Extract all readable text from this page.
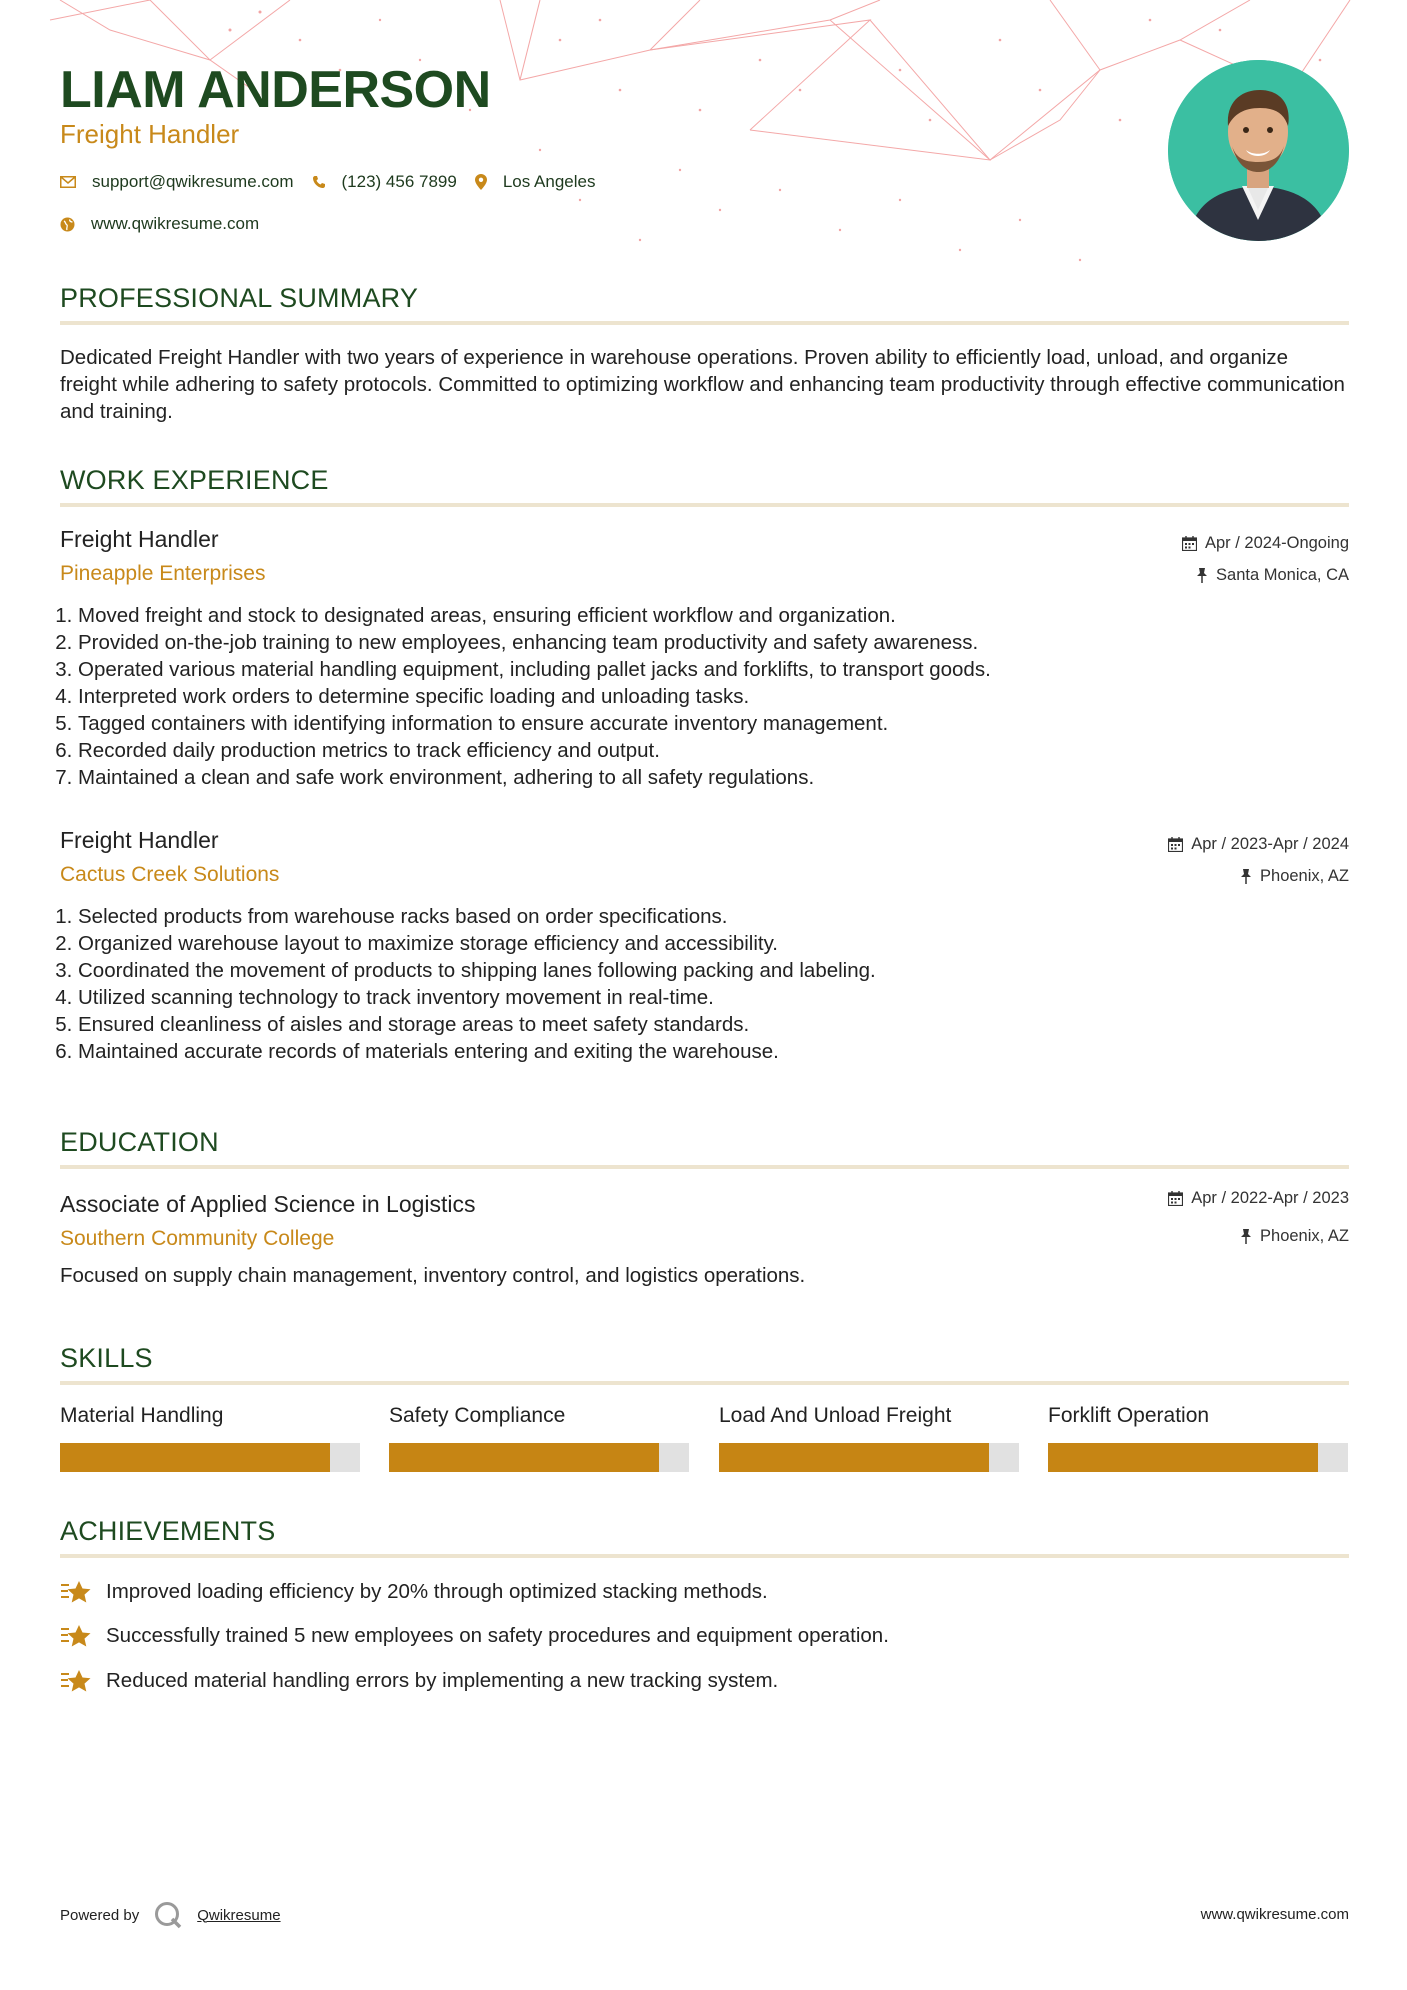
LIAM ANDERSON
Freight Handler
support@qwikresume.com	(123) 456 7899	Los Angeles
www.qwikresume.com
PROFESSIONAL SUMMARY

Dedicated Freight Handler with two years of experience in warehouse operations. Proven ability to efficiently load, unload, and organize freight while adhering to safety protocols. Committed to optimizing workflow and enhancing team productivity through effective communication and training.

WORK EXPERIENCE
Freight Handler
Pineapple Enterprises
Apr / 2024-Ongoing
Santa Monica, CA
1. Moved freight and stock to designated areas, ensuring efficient workflow and organization.
2. Provided on-the-job training to new employees, enhancing team productivity and safety awareness.
3. Operated various material handling equipment, including pallet jacks and forklifts, to transport goods.
4. Interpreted work orders to determine specific loading and unloading tasks.
5. Tagged containers with identifying information to ensure accurate inventory management.
6. Recorded daily production metrics to track efficiency and output.
7. Maintained a clean and safe work environment, adhering to all safety regulations.
Freight Handler
Cactus Creek Solutions
Apr / 2023-Apr / 2024
Phoenix, AZ
1. Selected products from warehouse racks based on order specifications.
2. Organized warehouse layout to maximize storage efficiency and accessibility.
3. Coordinated the movement of products to shipping lanes following packing and labeling.
4. Utilized scanning technology to track inventory movement in real-time.
5. Ensured cleanliness of aisles and storage areas to meet safety standards.
6. Maintained accurate records of materials entering and exiting the warehouse.
EDUCATION
Associate of Applied Science in Logistics
Southern Community College
Apr / 2022-Apr / 2023
Phoenix, AZ

Focused on supply chain management, inventory control, and logistics operations.

SKILLS
Material Handling	Safety Compliance	Load And Unload Freight	Forklift Operation
ACHIEVEMENTS
Improved loading efficiency by 20% through optimized stacking methods.
Successfully trained 5 new employees on safety procedures and equipment operation.
Reduced material handling errors by implementing a new tracking system.
Powered by	Qwikresume	www.qwikresume.com
